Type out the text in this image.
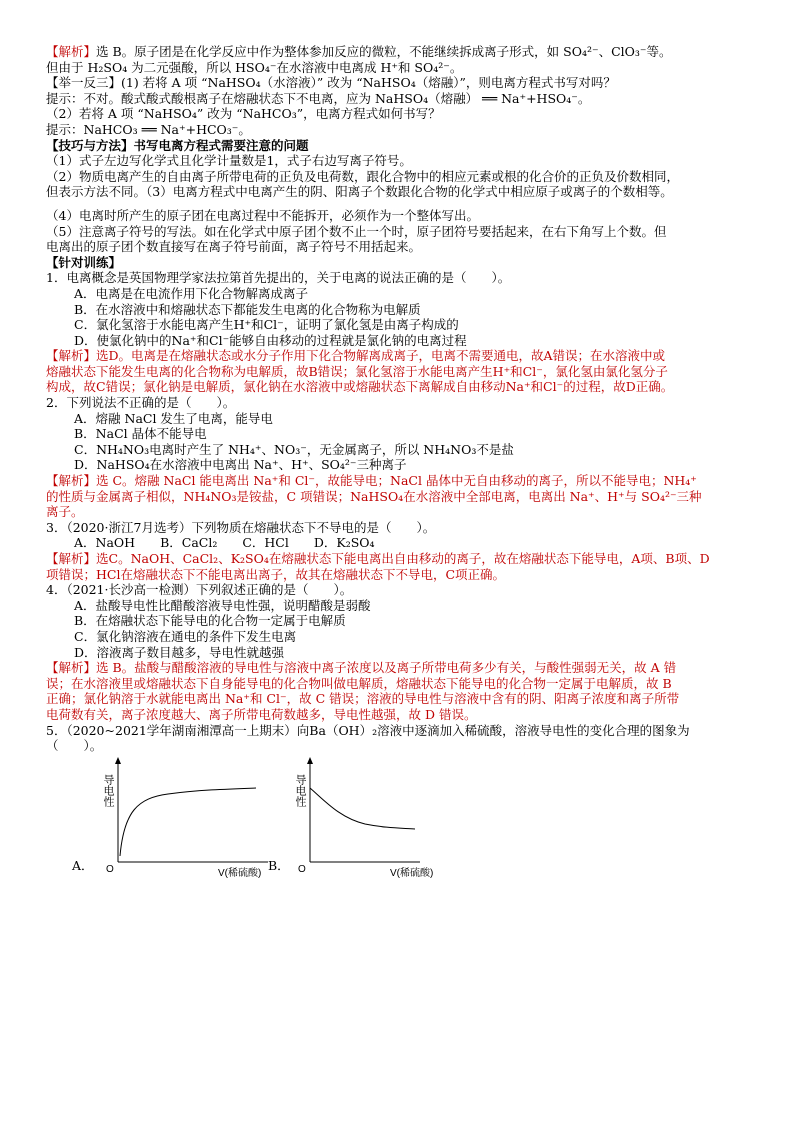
【解析】选 B。原子团是在化学反应中作为整体参加反应的微粒，不能继续拆成离子形式，如 SO₄²⁻、ClO₃⁻等。
但由于 H₂SO₄ 为二元强酸，所以 HSO₄⁻在水溶液中电离成 H⁺和 SO₄²⁻。
【举一反三】(1) 若将 A 项 “NaHSO₄（水溶液）” 改为 “NaHSO₄（熔融）”，则电离方程式书写对吗？
提示：不对。酸式酸式酸根离子在熔融状态下不电离，应为 NaHSO₄（熔融） ══ Na⁺+HSO₄⁻。
（2）若将 A 项 “NaHSO₄” 改为 “NaHCO₃”，电离方程式如何书写？
提示：NaHCO₃ ══ Na⁺+HCO₃⁻。
【技巧与方法】书写电离方程式需要注意的问题
（1）式子左边写化学式且化学计量数是1，式子右边写离子符号。
（2）物质电离产生的自由离子所带电荷的正负及电荷数，跟化合物中的相应元素或根的化合价的正负及价数相同，
但表示方法不同。（3）电离方程式中电离产生的阴、阳离子个数跟化合物的化学式中相应原子或离子的个数相等。
（4）电离时所产生的原子团在电离过程中不能拆开，必须作为一个整体写出。
（5）注意离子符号的写法。如在化学式中原子团个数不止一个时，原子团符号要括起来，在右下角写上个数。但
电离出的原子团个数直接写在离子符号前面，离子符号不用括起来。
【针对训练】
1．电离概念是英国物理学家法拉第首先提出的，关于电离的说法正确的是（　　）。
A．电离是在电流作用下化合物解离成离子
B．在水溶液中和熔融状态下都能发生电离的化合物称为电解质
C．氯化氢溶于水能电离产生H⁺和Cl⁻，证明了氯化氢是由离子构成的
D．使氯化钠中的Na⁺和Cl⁻能够自由移动的过程就是氯化钠的电离过程
【解析】选D。电离是在熔融状态或水分子作用下化合物解离成离子，电离不需要通电，故A错误；在水溶液中或
熔融状态下能发生电离的化合物称为电解质，故B错误；氯化氢溶于水能电离产生H⁺和Cl⁻，氯化氢由氯化氢分子
构成，故C错误；氯化钠是电解质，氯化钠在水溶液中或熔融状态下离解成自由移动Na⁺和Cl⁻的过程，故D正确。
2．下列说法不正确的是（　　）。
A．熔融 NaCl 发生了电离，能导电
B．NaCl 晶体不能导电
C．NH₄NO₃电离时产生了 NH₄⁺、NO₃⁻，无金属离子，所以 NH₄NO₃不是盐
D．NaHSO₄在水溶液中电离出 Na⁺、H⁺、SO₄²⁻三种离子
【解析】选 C。熔融 NaCl 能电离出 Na⁺和 Cl⁻，故能导电；NaCl 晶体中无自由移动的离子，所以不能导电；NH₄⁺
的性质与金属离子相似，NH₄NO₃是铵盐，C 项错误；NaHSO₄在水溶液中全部电离，电离出 Na⁺、H⁺与 SO₄²⁻三种
离子。
3．（2020·浙江7月选考）下列物质在熔融状态下不导电的是（　　）。
A．NaOH　　B．CaCl₂　　C．HCl　　D．K₂SO₄
【解析】选C。NaOH、CaCl₂、K₂SO₄在熔融状态下能电离出自由移动的离子，故在熔融状态下能导电，A项、B项、D
项错误；HCl在熔融状态下不能电离出离子，故其在熔融状态下不导电，C项正确。
4．（2021·长沙高一检测）下列叙述正确的是（　　）。
A．盐酸导电性比醋酸溶液导电性强，说明醋酸是弱酸
B．在熔融状态下能导电的化合物一定属于电解质
C．氯化钠溶液在通电的条件下发生电离
D．溶液离子数目越多，导电性就越强
【解析】选 B。盐酸与醋酸溶液的导电性与溶液中离子浓度以及离子所带电荷多少有关，与酸性强弱无关，故 A 错
误；在水溶液里或熔融状态下自身能导电的化合物叫做电解质，熔融状态下能导电的化合物一定属于电解质，故 B
正确；氯化钠溶于水就能电离出 Na⁺和 Cl⁻，故 C 错误；溶液的导电性与溶液中含有的阴、阳离子浓度和离子所带
电荷数有关，离子浓度越大、离子所带电荷数越多，导电性越强，故 D 错误。
5．（2020~2021学年湖南湘潭高一上期末）向Ba（OH）₂溶液中逐滴加入稀硫酸，溶液导电性的变化合理的图象为
（　　）。
A．
导电性
O	V(稀硫酸)
B．
导电性
O	V(稀硫酸)
